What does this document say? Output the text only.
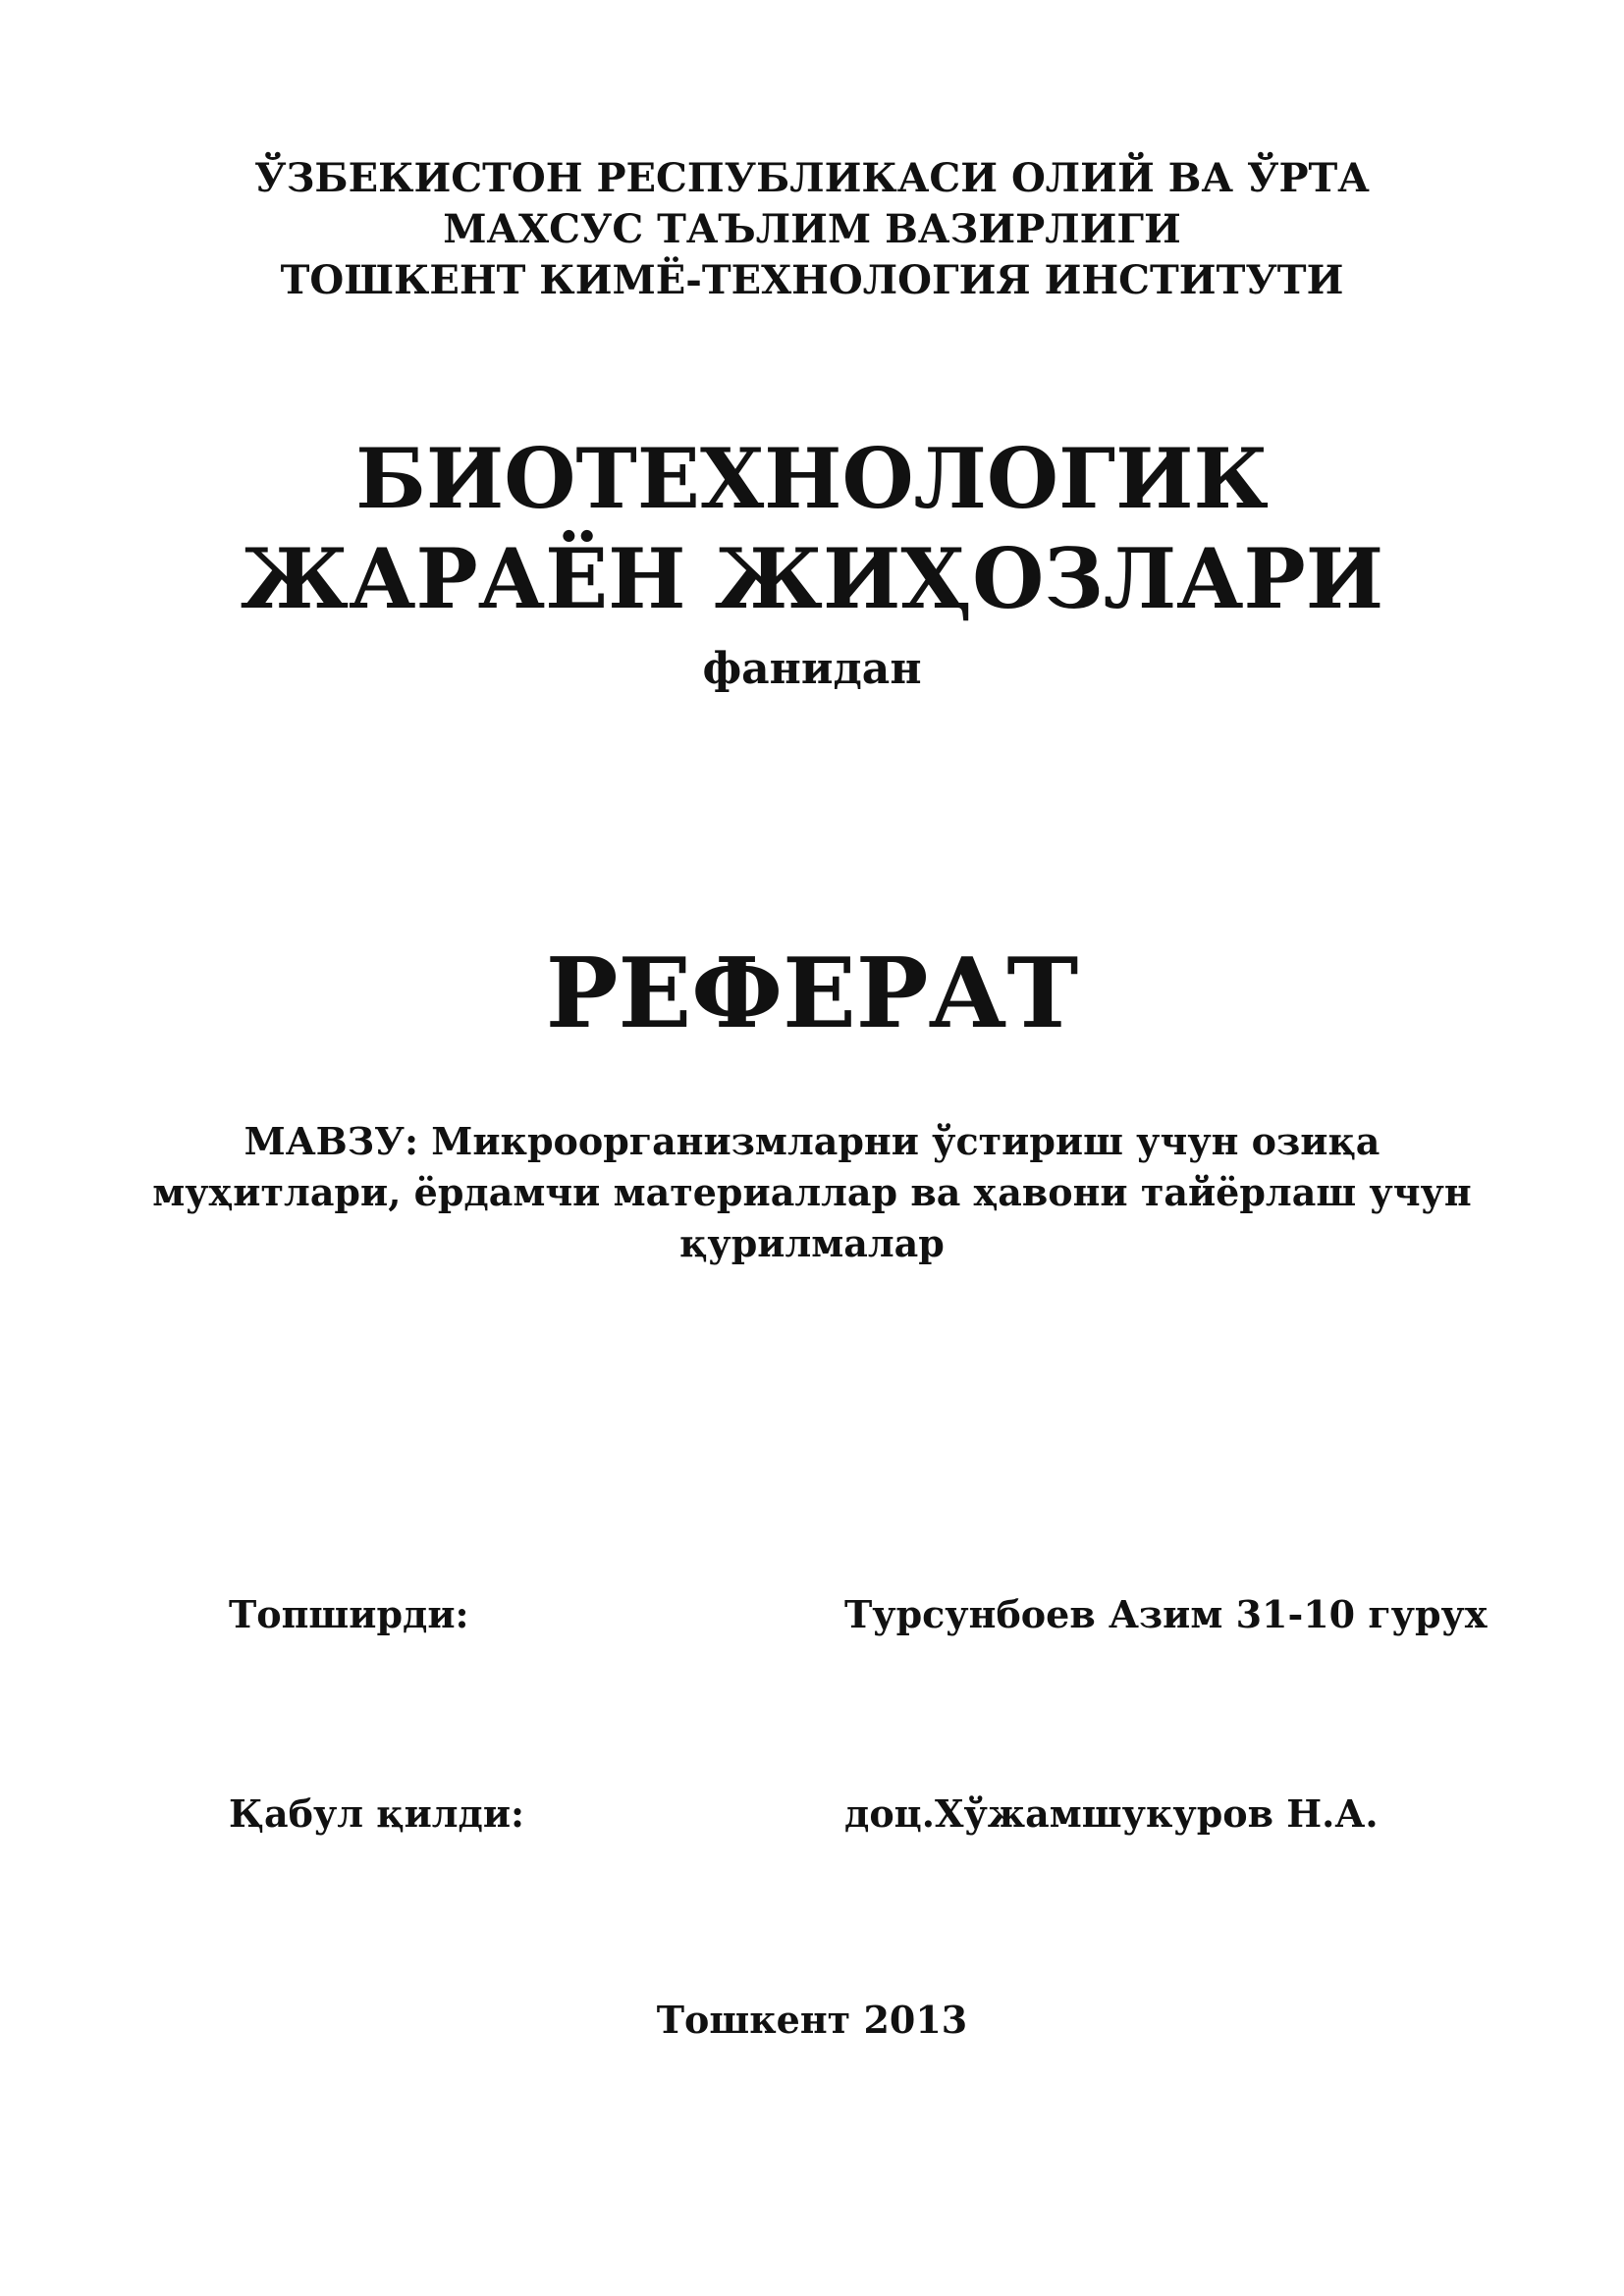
ЎЗБЕКИСТОН РЕСПУБЛИКАСИ ОЛИЙ ВА ЎРТА
МАХСУС ТАЪЛИМ ВАЗИРЛИГИ
ТОШКЕНТ КИМЁ-ТЕХНОЛОГИЯ ИНСТИТУТИ
БИОТЕХНОЛОГИК
ЖАРАЁН ЖИҲОЗЛАРИ
фанидан
РЕФЕРАТ
МАВЗУ: Микроорганизмларни ўстириш учун озиқа
муҳитлари, ёрдамчи материаллар ва ҳавони тайёрлаш учун
қурилмалар
Топширди:	Турсунбоев Азим 31-10 гурух
Қабул қилди:	доц.Хўжамшукуров Н.А.
Тошкент 2013
